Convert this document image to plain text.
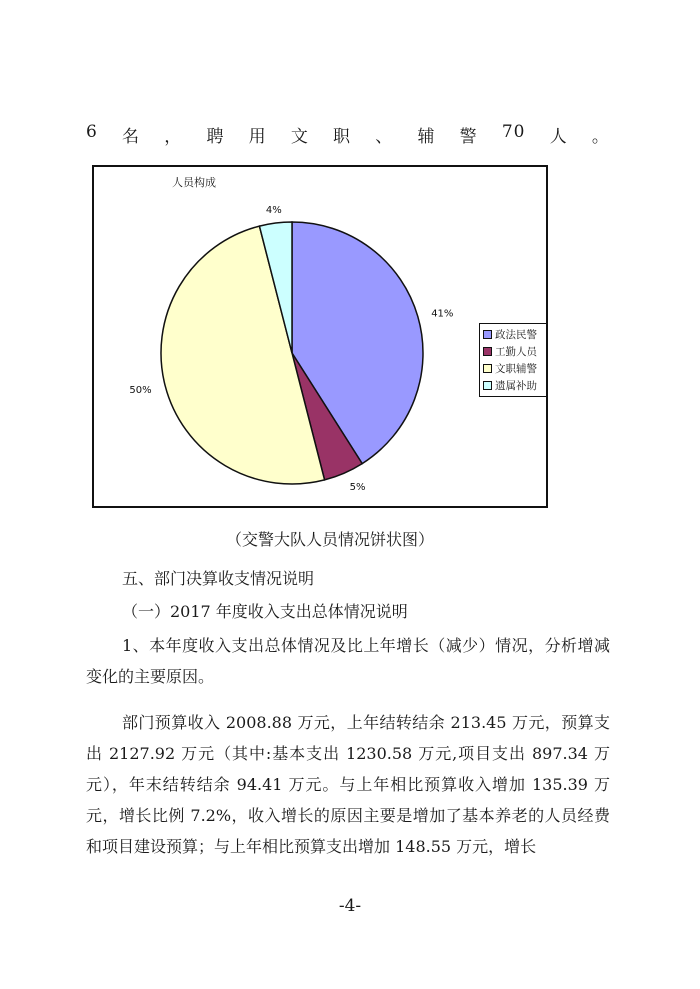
6 名 ， 聘 用 文 职 、 辅 警 70 人 。
人员构成
41%
5%
50%
4%
政法民警
工勤人员
文职辅警
遗属补助
（交警大队人员情况饼状图）
五、部门决算收支情况说明
（一）2017 年度收入支出总体情况说明
1、本年度收入支出总体情况及比上年增长（减少）情况，分析增减变化的主要原因。
部门预算收入 2008.88 万元，上年结转结余 213.45 万元，预算支出 2127.92 万元（其中:基本支出 1230.58 万元,项目支出 897.34 万元），年末结转结余 94.41 万元。与上年相比预算收入增加 135.39 万元，增长比例 7.2%，收入增长的原因主要是增加了基本养老的人员经费和项目建设预算；与上年相比预算支出增加 148.55 万元，增长
-4-
